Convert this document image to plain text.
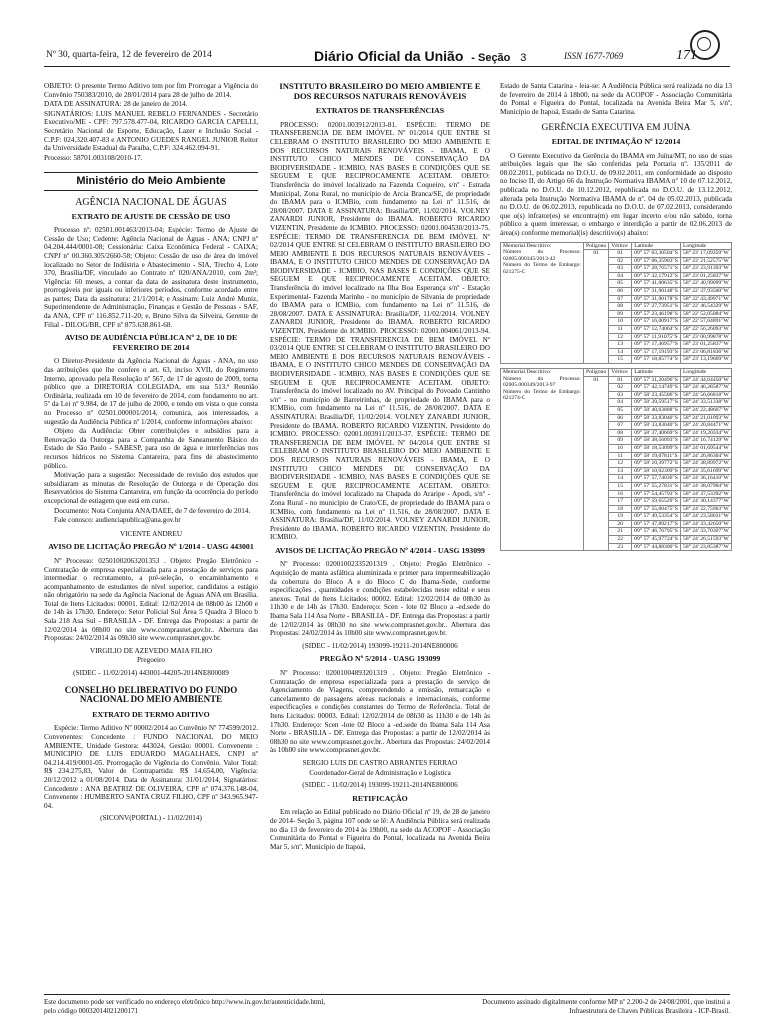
Nº 30, quarta-feira, 12 de fevereiro de 2014	Diário Oficial da União - Seção 3	ISSN 1677-7069	171

OBJETO: O presente Termo Aditivo tem por fim Prorrogar a Vigência do Convênio 750383/2010, de 28/01/2014 para 28 de julho de 2014.

DATA DE ASSINATURA: 28 de janeiro de 2014.

SIGNATÁRIOS: LUIS MANUEL REBELO FERNANDES - Secretário Executivo/ME - CPF: 797.578.477-04, RICARDO GARCIA CAPELLI, Secretário Nacional de Esporte, Educação, Lazer e Inclusão Social - C.P.F: 024.320.407-83 e ANTONIO GUEDES RANGEL JUNIOR Reitor da Universidade Estadual da Paraíba, C.P.F: 324.462.094-91.

Processo: 58701.003108/2010-17.

Ministério do Meio Ambiente
AGÊNCIA NACIONAL DE ÁGUAS
EXTRATO DE AJUSTE DE CESSÃO DE USO

Processo nº: 02501.001463/2013-04; Espécie: Termo de Ajuste de Cessão de Uso; Cedente: Agência Nacional de Águas - ANA; CNPJ nº 04.204.444/0001-08; Cessionária: Caixa Econômica Federal - CAIXA; CNPJ nº 00.360.305/2660-58; Objeto: Cessão de uso de área do imóvel localizado no Setor de Indústria e Abastecimento - SIA, Trecho 4, Lote 370, Brasília/DF, vinculado ao Contrato nº 020/ANA/2010, com 2m²; Vigência: 60 meses, a contar da data de assinatura deste instrumento, prorrogáveis por iguais ou inferiores períodos, conforme acordado entre as partes; Data da assinatura: 21/1/2014; e Assinam: Luiz André Muniz, Superintendente de Administração, Finanças e Gestão de Pessoas - SAF, da ANA, CPF nº 116.852.711-20; e, Bruno Silva da Silveira, Gerente de Filial - DILOG/BR, CPF nº 875.638.861-68.

AVISO DE AUDIÊNCIA PÚBLICA Nº 2, DE 10 DE FEVEREIRO DE 2014

O Diretor-Presidente da Agência Nacional de Águas - ANA, no uso das atribuições que lhe confere o art. 63, inciso XVII, do Regimento Interno, aprovado pela Resolução nº 567, de 17 de agosto de 2009, torna público que a DIRETORIA COLEGIADA, em sua 513.ª Reunião Ordinária, realizada em 10 de fevereiro de 2014, com fundamento no art. 5º da Lei nº 9.984, de 17 de julho de 2000, e tendo em vista o que consta no Processo nº 02501.000001/2014, comunica, aos interessados, a sugestão da Audiência Pública nº 1/2014, conforme informações abaixo:

Objeto da Audiência: Obter contribuições e subsídios para a Renovação da Outorga para a Companhia de Saneamento Básico do Estado de São Paulo - SABESP, para uso de água e interferências nos recursos hídricos no Sistema Cantareira, para fins de abastecimento público.

Motivação para a sugestão: Necessidade de revisão dos estudos que subsidiaram as minutas de Resolução de Outorga e de Operação dos Reservatórios do Sistema Cantareira, em função da ocorrência do período excepcional de estiagem que está em curso.

Documento: Nota Conjunta ANA/DAEE, de 7 de fevereiro de 2014.

Fale conosco: audienciapublica@ana.gov.br

VICENTE ANDREU

AVISO DE LICITAÇÃO PREGÃO Nº 1/2014 - UASG 443001

Nº Processo: 02501002063201353 . Objeto: Pregão Eletrônico - Contratação de empresa especializada para a prestação de serviços para intermediar o recrutamento, a pré-seleção, o encaminhamento e acompanhamento de estudantes de nível superior, candidatos a estágio não obrigatório na sede da Agência Nacional de Águas ANA em Brasília. Total de Itens Licitados: 00001. Edital: 12/02/2014 de 08h00 às 12h00 e de 14h às 17h30. Endereço: Setor Policial Sul Área 5 Quadra 3 Bloco b Sala 218 Asa Sul - BRASILIA - DF. Entrega das Propostas: a partir de 12/02/2014 às 08h00 no site www.comprasnet.gov.br.. Abertura das Propostas: 24/02/2014 às 09h30 site www.comprasnet.gov.br.

VIRGILIO DE AZEVEDO MAIA FILHO

Pregoeiro

(SIDEC - 11/02/2014) 443001-44205-2014NE800089

CONSELHO DELIBERATIVO DO FUNDO NACIONAL DO MEIO AMBIENTE
EXTRATO DE TERMO ADITIVO

Espécie: Termo Aditivo Nº 00002/2014 ao Convênio Nº 774599/2012. Convenentes: Concedente : FUNDO NACIONAL DO MEIO AMBIENTE, Unidade Gestora: 443024, Gestão: 00001. Convenente : MUNICIPIO DE LUIS EDUARDO MAGALHAES, CNPJ nº 04.214.419/0001-05. Prorrogação de Vigência do Convênio. Valor Total: R$ 234.275,83, Valor de Contrapartida: R$ 14.654,00, Vigência: 20/12/2012 a 01/08/2014. Data de Assinatura: 31/01/2014, Signatários: Concedente : ANA BEATRIZ DE OLIVEIRA, CPF nº 074.376.148-04, Convenente : HUMBERTO SANTA CRUZ FILHO, CPF nº 343.965.947-04.

(SICONV(PORTAL) - 11/02/2014)

INSTITUTO BRASILEIRO DO MEIO AMBIENTE E DOS RECURSOS NATURAIS RENOVÁVEIS
EXTRATOS DE TRANSFERÊNCIAS

PROCESSO: 02001.003912/2013-81. ESPÉCIE: TERMO DE TRANSFERENCIA DE BEM IMÓVEL Nº 01/2014 QUE ENTRE SI CELEBRAM O INSTITUTO BRASILEIRO DO MEIO AMBIENTE E DOS RECURSOS NATURAIS RENOVÁVEIS - IBAMA, E O INSTITUTO CHICO MENDES DE CONSERVAÇÃO DA BIODIVERSIDADE - ICMBIO, NAS BASES E CONDIÇÕES QUE SE SEGUEM E QUE RECIPROCAMENTE ACEITAM. OBJETO: Transferência do imóvel localizado na Fazenda Coqueiro, s/nº - Estrada Municipal, Zona Rural, no município de Arcia Branca/SE, de propriedade do IBAMA para o ICMBio, com fundamento na Lei nº 11.516, de 28/08/2007. DATA E ASSINATURA: Brasília/DF, 11/02/2014. VOLNEY ZANARDI JUNIOR, Presidente do IBAMA. ROBERTO RICARDO VIZENTIN, Presidente do ICMBIO. PROCESSO: 02001.004530/2013-75. ESPÉCIE: TERMO DE TRANSFERENCIA DE BEM IMÓVEL Nº 02/2014 QUE ENTRE SI CELEBRAM O INSTITUTO BRASILEIRO DO MEIO AMBIENTE E DOS RECURSOS NATURAIS RENOVÁVEIS - IBAMA, E O INSTITUTO CHICO MENDES DE CONSERVAÇÃO DA BIODIVERSIDADE - ICMBIO, NAS BASES E CONDIÇÕES QUE SE SEGUEM E QUE RECIPROCAMENTE ACEITAM. OBJETO: Transferência do imóvel localizado na Ilha Boa Esperança s/nº - Estação Experimental- Fazenda Marinho - no município de Silvania de propriedade do IBAMA para o ICMBio, com fundamento na Lei nº 11.516, de 28/08/2007. DATA E ASSINATURA: Brasília/DF, 11/02/2014. VOLNEY ZANARDI JUNIOR, Presidente do IBAMA. ROBERTO RICARDO VIZENTIN, Presidente do ICMBIO. PROCESSO: 02001.004061/2013-94. ESPÉCIE: TERMO DE TRANSFERENCIA DE BEM IMÓVEL Nº 03/2014 QUE ENTRE SI CELEBRAM O INSTITUTO BRASILEIRO DO MEIO AMBIENTE E DOS RECURSOS NATURAIS RENOVÁVEIS - IBAMA, E O INSTITUTO CHICO MENDES DE CONSERVAÇÃO DA BIODIVERSIDADE - ICMBIO, NAS BASES E CONDIÇÕES QUE SE SEGUEM E QUE RECIPROCAMENTE ACEITAM. OBJETO: Transferência do imóvel localizado no AV. Principal do Povoado Cantinho s/nº - no município de Barreirinhas, de propriedade do IBAMA para o ICMBio, com fundamento na Lei nº 11.516, de 28/08/2007. DATA E ASSINATURA: Brasília/DF, 11/02/2014. VOLNEY ZANARDI JUNIOR, Presidente do IBAMA. ROBERTO RICARDO VIZENTIN, Presidente do ICMBIO. PROCESSO: 02001.003911/2013-37. ESPÉCIE: TERMO DE TRANSFERENCIA DE BEM IMÓVEL Nº 04/2014 QUE ENTRE SI CELEBRAM O INSTITUTO BRASILEIRO DO MEIO AMBIENTE E DOS RECURSOS NATURAIS RENOVÁVEIS - IBAMA, E O INSTITUTO CHICO MENDES DE CONSERVAÇÃO DA BIODIVERSIDADE - ICMBIO, NAS BASES E CONDIÇÕES QUE SE SEGUEM E QUE RECIPROCAMENTE ACEITAM. OBJETO: Transferência do imóvel localizado na Chapada do Araripe - Apodi, s/nº - Zona Rural - no município de Crato/CE, de propriedade do IBAMA para o ICMBio, com fundamento na Lei nº 11.516, de 28/08/2007. DATA E ASSINATURA: Brasília/DF, 11/02/2014. VOLNEY ZANARDI JUNIOR, Presidente do IBAMA. ROBERTO RICARDO VIZENTIN, Presidente do ICMBIO.

AVISOS DE LICITAÇÃO PREGÃO Nº 4/2014 - UASG 193099

Nº Processo: 02001002335201319 . Objeto: Pregão Eletrônico - Aquisição de manta asfáltica aluminizada e primer para impermeabilização da cobertura do Bloco A e do Bloco C do Ibama-Sede, conforme especificações , quantidades e condições estabelecidas neste edital e seus anexos. Total de Itens Licitados: 00002. Edital: 12/02/2014 de 08h30 às 11h30 e de 14h às 17h30. Endereço: Scen - lote 02 Bloco a -ed.sede do Ibama Sala 114 Asa Norte - BRASILIA - DF. Entrega das Propostas: a partir de 12/02/2014 às 08h30 no site www.comprasnet.gov.br.. Abertura das Propostas: 24/02/2014 às 10h00 site www.comprasnet.gov.br.

(SIDEC - 11/02/2014) 193099-19211-2014NE800006

PREGÃO Nº 5/2014 - UASG 193099

Nº Processo: 02001004893201319 . Objeto: Pregão Eletrônico - Contratação de empresa especializada para a prestação de serviço de Agenciamento de Viagens, compreendendo a emissão, remarcação e cancelamento de passagens aéreas nacionais e internacionais, conforme especificações e condições constantes do Termo de Referência. Total de Itens Licitados: 00003. Edital: 12/02/2014 de 08h30 às 11h30 e de 14h às 17h30. Endereço: Scen -lote 02 Bloco a -ed.sede do Ibama Sala 114 Asa Norte - BRASILIA - DF. Entrega das Propostas: a partir de 12/02/2014 às 08h30 no site www.comprasnet.gov.br.. Abertura das Propostas: 24/02/2014 às 10h00 site www.comprasnet.gov.br.

SERGIO LUIS DE CASTRO ABRANTES FERRAO

Coordenador-Geral de Administração e Logística

(SIDEC - 11/02/2014) 193099-19211-2014NE800006

RETIFICAÇÃO

Em relação ao Edital publicado no Diário Oficial nº 19, de 28 de janeiro de 2014- Seção 3, página 107 onde se lê: A Audiência Pública será realizada no dia 13 de fevereiro de 2014 às 19h00, na sede da ACOPOF - Associação Comunitária do Pontal e Figueira do Pontal, localizada na Avenida Beira Mar 5, s/nº, Município de Itapoá,

Estado de Santa Catarina - leia-se: A Audiência Pública será realizada no dia 13 de fevereiro de 2014 à 18h00, na sede da ACOPOF - Associação Comunitária do Pontal e Figueira do Pontal, localizada na Avenida Beira Mar 5, s/nº, Município de Itapoá, Estado de Santa Catarina.

GERÊNCIA EXECUTIVA EM JUÍNA
EDITAL DE INTIMAÇÃO Nº 12/2014

O Gerente Executivo da Gerência do IBAMA em Juína/MT, no uso de suas atribuições legais que lhe são conferidas pela Portaria nº. 135/2011 de 08.02.2011, publicada no D.O.U. de 09.02.2011, em conformidade ao disposto no Inciso II, do Artigo 66 da Instrução Normativa IBAMA nº 10 de 07.12.2012, publicada no D.O.U. de 10.12.2012, republicada no D.O.U. de 13.12.2012, alterada pela Instrução Normativa IBAMA de nº. 04 de 05.02.2013, publicada no D.O.U. de 06.02.2013, republicada no D.O.U. de 07.02.2013, considerando que o(s) infrator(es) se encontra(m) em lugar incerto e/ou não sabido, torna público a quem interessar, o embargo e interdição a partir de 02.06.2013 de área(s) conforme memorial(is) descritivo(s) abaixo:

Memorial Descritivo:
Número do Processo: 02005.000345/2013-42
Número do Termo de Embargo: 621275-C	Polígono	Vértice	Latitude	Longitude
	01	01	09° 57' 03,30504"S	58° 23' 17,09359"W
		02	09° 57' 06,35903"S	58° 23' 21,52575"W
		03	09° 57' 28,76571"S	58° 23' 23,91393"W
		04	09° 57' 32,17912"S	58° 23' 01,25837"W
		05	09° 57' 41,00635"S	58° 22' 40,99099"W
		06	09° 57' 31,90148"S	58° 22' 37,93500"W
		07	09° 57' 31,90178"S	58° 22' 43,49971"W
		08	09° 57' 27,73951"S	58° 22' 46,54329"W
		09	09° 57' 23,46198"S	58° 22' 52,05084"W
		10	09° 57' 16,00917"S	58° 22' 57,64891"W
		11	09° 57' 12,74064"S	58° 22' 56,26093"W
		12	09° 57' 11,91075"S	58° 23' 00,99878"W
		13	09° 57' 17,46957"S	58° 23' 01,25837"W
		14	09° 57' 17,19193"S	58° 23' 06,81836"W
		15	09° 57' 18,85774"S	58° 23' 13,19669"W
Memorial Descritivo:
Número do Processo: 02005.000349/2013-97
Número do Termo de Embargo: 621274-C	Polígono	Vértice	Latitude	Longitude
	01	01	09° 57' 31,20496"S	58° 24' 44,64450"W
		02	09° 57' 42,14749"S	58° 24' 46,28587"W
		03	09° 58' 23,45506"S	58° 24' 56,66818"W
		04	09° 58' 39,59517"S	58° 24' 33,51338"W
		05	09° 58' 40,03888"S	58° 24' 22,48607"W
		06	09° 58' 33,83040"S	58° 24' 21,01093"W
		07	09° 58' 33,83040"S	58° 24' 20,84471"W
		08	09° 58' 37,40669"S	58° 24' 19,20334"W
		09	09° 58' 38,56093"S	58° 24' 16,74129"W
		10	09° 58' 18,53099"S	58° 24' 01,69544"W
		11	09° 58' 19,07811"S	58° 24' 26,86304"W
		12	09° 58' 10,39772"S	58° 24' 38,89972"W
		13	09° 58' 10,02309"S	58° 24' 35,61699"W
		14	09° 57' 57,74036"S	58° 24' 36,16410"W
		15	09° 57' 55,27831"S	58° 24' 38,07904"W
		16	09° 57' 54,45793"S	58° 24' 37,53392"W
		17	09° 57' 59,65529"S	58° 24' 30,14377"W
		18	09° 57' 55,00475"S	58° 24' 22,75963"W
		19	09° 57' 49,53354"S	58° 24' 23,58031"W
		20	09° 57' 47,89217"S	58° 24' 33,42650"W
		21	09° 57' 46,76795"S	58° 24' 33,70307"W
		22	09° 57' 45,97724"S	58° 24' 26,51593"W
		23	09° 57' 44,88300"S	58° 24' 23,85387"W
Este documento pode ser verificado no endereço eletrônico http://www.in.gov.br/autenticidade.html,
pelo código 00032014021200171
Documento assinado digitalmente conforme MP nº 2.200-2 de 24/08/2001, que institui a
Infraestrutura de Chaves Públicas Brasileira - ICP-Brasil.
